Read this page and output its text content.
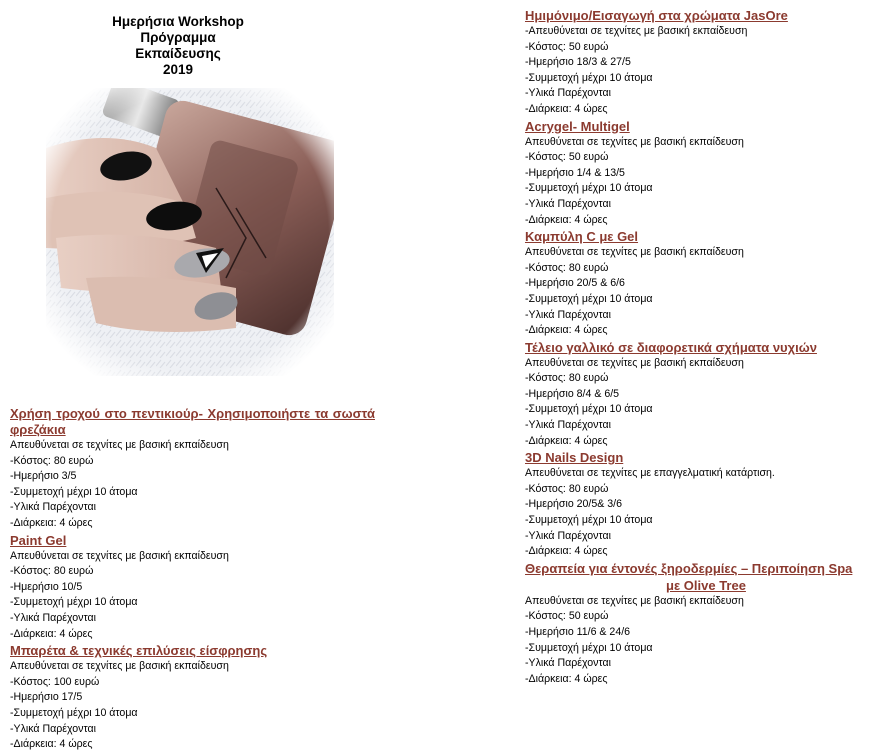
Ημερήσια Workshop
Πρόγραμμα
Εκπαίδευσης
2019
Χρήση τροχού στο πεντικιούρ- Χρησιμοποιήστε τα σωστά φρεζάκια
Απευθύνεται σε τεχνίτες με βασική εκπαίδευση
-Κόστος: 80 ευρώ
-Ημερήσιο 3/5
-Συμμετοχή μέχρι 10 άτομα
-Υλικά Παρέχονται
-Διάρκεια: 4 ώρες
Paint Gel
Απευθύνεται σε τεχνίτες με βασική εκπαίδευση
-Κόστος: 80 ευρώ
-Ημερήσιο 10/5
-Συμμετοχή μέχρι 10 άτομα
-Υλικά Παρέχονται
-Διάρκεια: 4 ώρες
Μπαρέτα & τεχνικές επιλύσεις είσφρησης
Απευθύνεται σε τεχνίτες με βασική εκπαίδευση
-Κόστος: 100 ευρώ
-Ημερήσιο 17/5
-Συμμετοχή μέχρι 10 άτομα
-Υλικά Παρέχονται
-Διάρκεια: 4 ώρες
Ημιμόνιμο/Εισαγωγή στα χρώματα JasOre
-Απευθύνεται σε τεχνίτες με βασική εκπαίδευση
-Κόστος: 50 ευρώ
-Ημερήσιο 18/3 & 27/5
-Συμμετοχή μέχρι 10 άτομα
-Υλικά Παρέχονται
-Διάρκεια: 4 ώρες
Acrygel- Multigel
Απευθύνεται σε τεχνίτες με βασική εκπαίδευση
-Κόστος: 50 ευρώ
-Ημερήσιο 1/4 & 13/5
-Συμμετοχή μέχρι 10 άτομα
-Υλικά Παρέχονται
-Διάρκεια: 4 ώρες
Καμπύλη C με Gel
Απευθύνεται σε τεχνίτες με βασική εκπαίδευση
-Κόστος: 80 ευρώ
-Ημερήσιο 20/5 & 6/6
-Συμμετοχή μέχρι 10 άτομα
-Υλικά Παρέχονται
-Διάρκεια: 4 ώρες
Τέλειο γαλλικό σε διαφορετικά σχήματα νυχιών
Απευθύνεται σε τεχνίτες με βασική εκπαίδευση
-Κόστος: 80 ευρώ
-Ημερήσιο 8/4 & 6/5
-Συμμετοχή μέχρι 10 άτομα
-Υλικά Παρέχονται
-Διάρκεια: 4 ώρες
3D Nails Design
Απευθύνεται σε τεχνίτες με επαγγελματική κατάρτιση.
-Κόστος: 80 ευρώ
-Ημερήσιο 20/5& 3/6
-Συμμετοχή μέχρι 10 άτομα
-Υλικά Παρέχονται
-Διάρκεια: 4 ώρες
Θεραπεία για έντονές ξηροδερμίες – Περιποίηση Spa
με Olive Tree
Απευθύνεται σε τεχνίτες με βασική εκπαίδευση
-Κόστος: 50 ευρώ
-Ημερήσιο 11/6 & 24/6
-Συμμετοχή μέχρι 10 άτομα
-Υλικά Παρέχονται
-Διάρκεια: 4 ώρες
